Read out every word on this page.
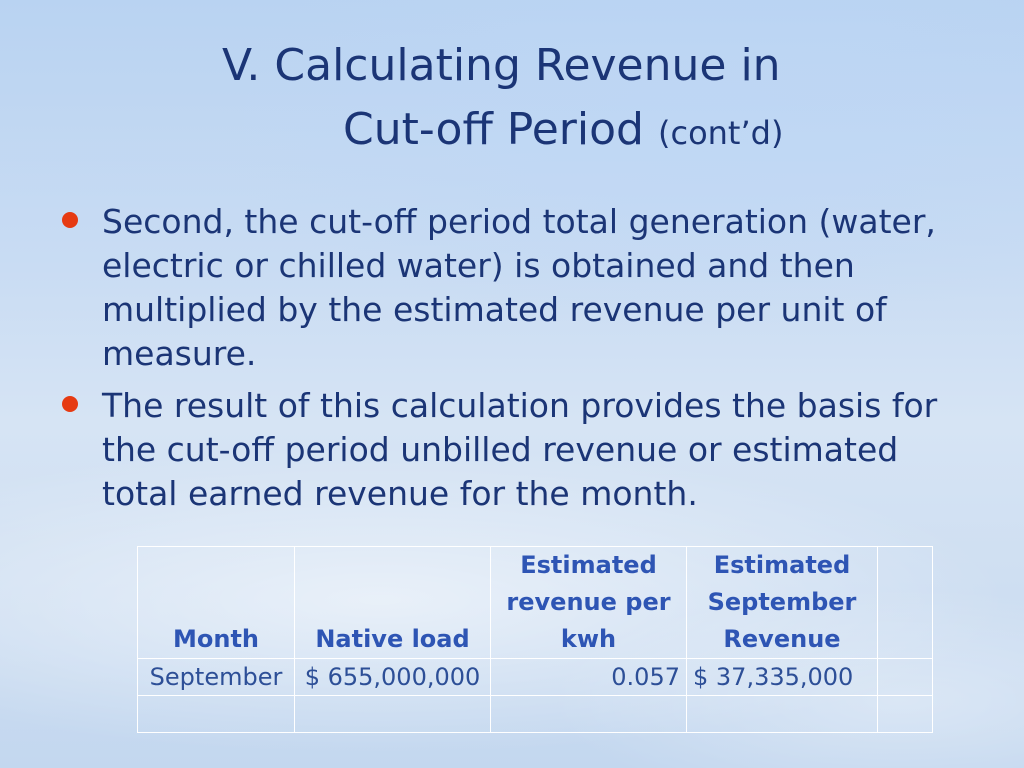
V. Calculating Revenue in
Cut-off Period (cont’d)
Second, the cut-off period total generation (water, electric or chilled water) is obtained and then multiplied by the estimated revenue per unit of measure.
The result of this calculation provides the basis for the cut-off period unbilled revenue or estimated total earned revenue for the month.
Month	Native load	Estimated revenue per kwh	Estimated September Revenue	
September	$ 655,000,000	0.057	$ 37,335,000	
